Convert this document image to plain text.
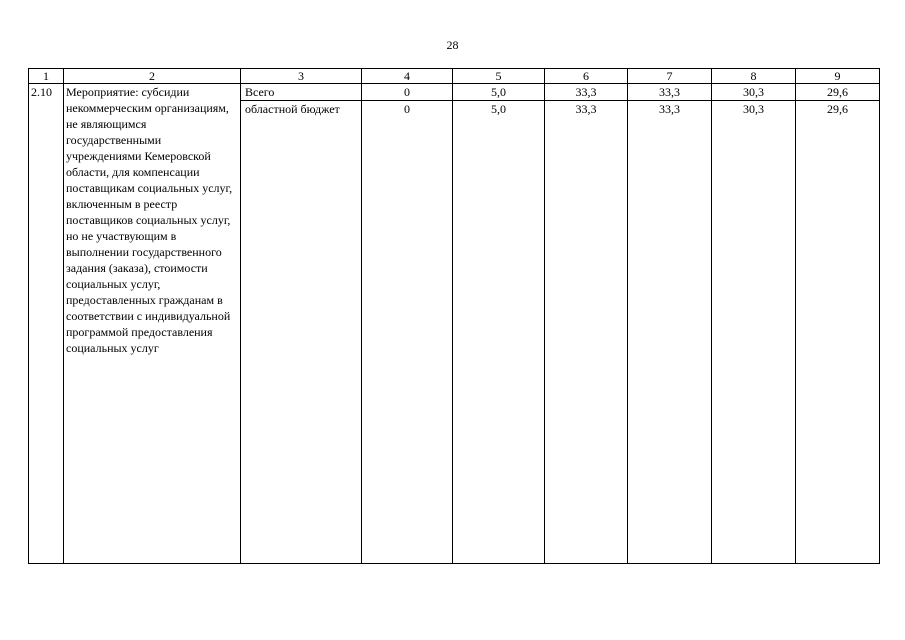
28
1	2	3	4	5	6	7	8	9
2.10	Мероприятие: субсидии некоммерческим организациям, не являющимся государственными учреждениями Кемеровской области, для компенсации поставщикам социальных услуг, включенным в реестр поставщиков социальных услуг, но не участвующим в выполнении государственного задания (заказа), стоимости социальных услуг, предоставленных гражданам в соответствии с индивидуальной программой предоставления социальных услуг	Всего	0	5,0	33,3	33,3	30,3	29,6
		областной бюджет	0	5,0	33,3	33,3	30,3	29,6
